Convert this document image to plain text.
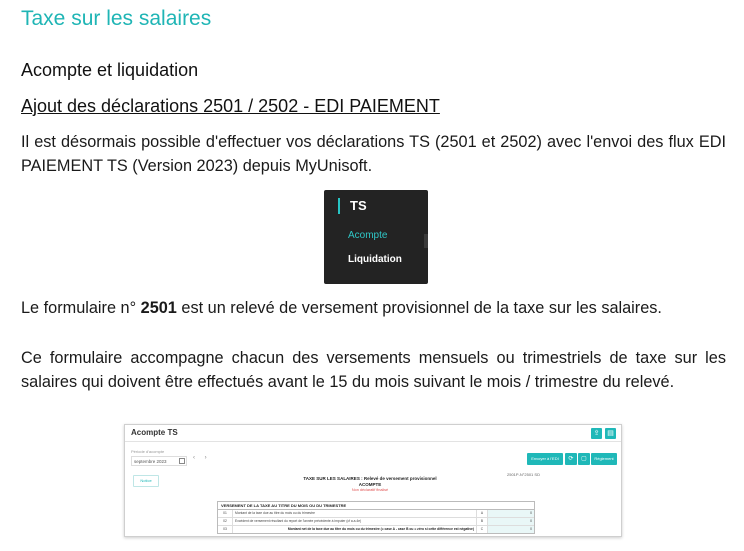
Taxe sur les salaires
Acompte et liquidation
Ajout des déclarations 2501 / 2502 - EDI PAIEMENT
Il est désormais possible d'effectuer vos déclarations TS (2501 et 2502) avec l'envoi des flux EDI PAIEMENT TS (Version 2023) depuis MyUnisoft.
TS
Acompte
Liquidation
Le formulaire n° 2501 est un relevé de versement provisionnel de la taxe sur les salaires.
Ce formulaire accompagne chacun des versements mensuels ou trimestriels de taxe sur les salaires qui doivent être effectués avant le 15 du mois suivant le mois / trimestre du relevé.
Acompte TS	⇪	▤
Période d'acompte
septembre 2023
‹ ›	Envoyer à l'EDI	⟳	▢	Règlement
2501P-N°2501 SD
Notice	TAXE SUR LES SALAIRES : Relevé de versement provisionnel
ACOMPTE
Non déclaratif finalisé
VERSEMENT DE LA TAXE AU TITRE DU MOIS OU DU TRIMESTRE
01	Montant de la taxe due au titre du mois ou du trimestre	A	0
02	Excédent de versement résultant du report de l'année précédente à imputer (cf a.a.4e)	B	0
03	Montant net de la taxe due au titre du mois ou du trimestre (= case A - case B ou = zéro si cette différence est négative)	C	0
